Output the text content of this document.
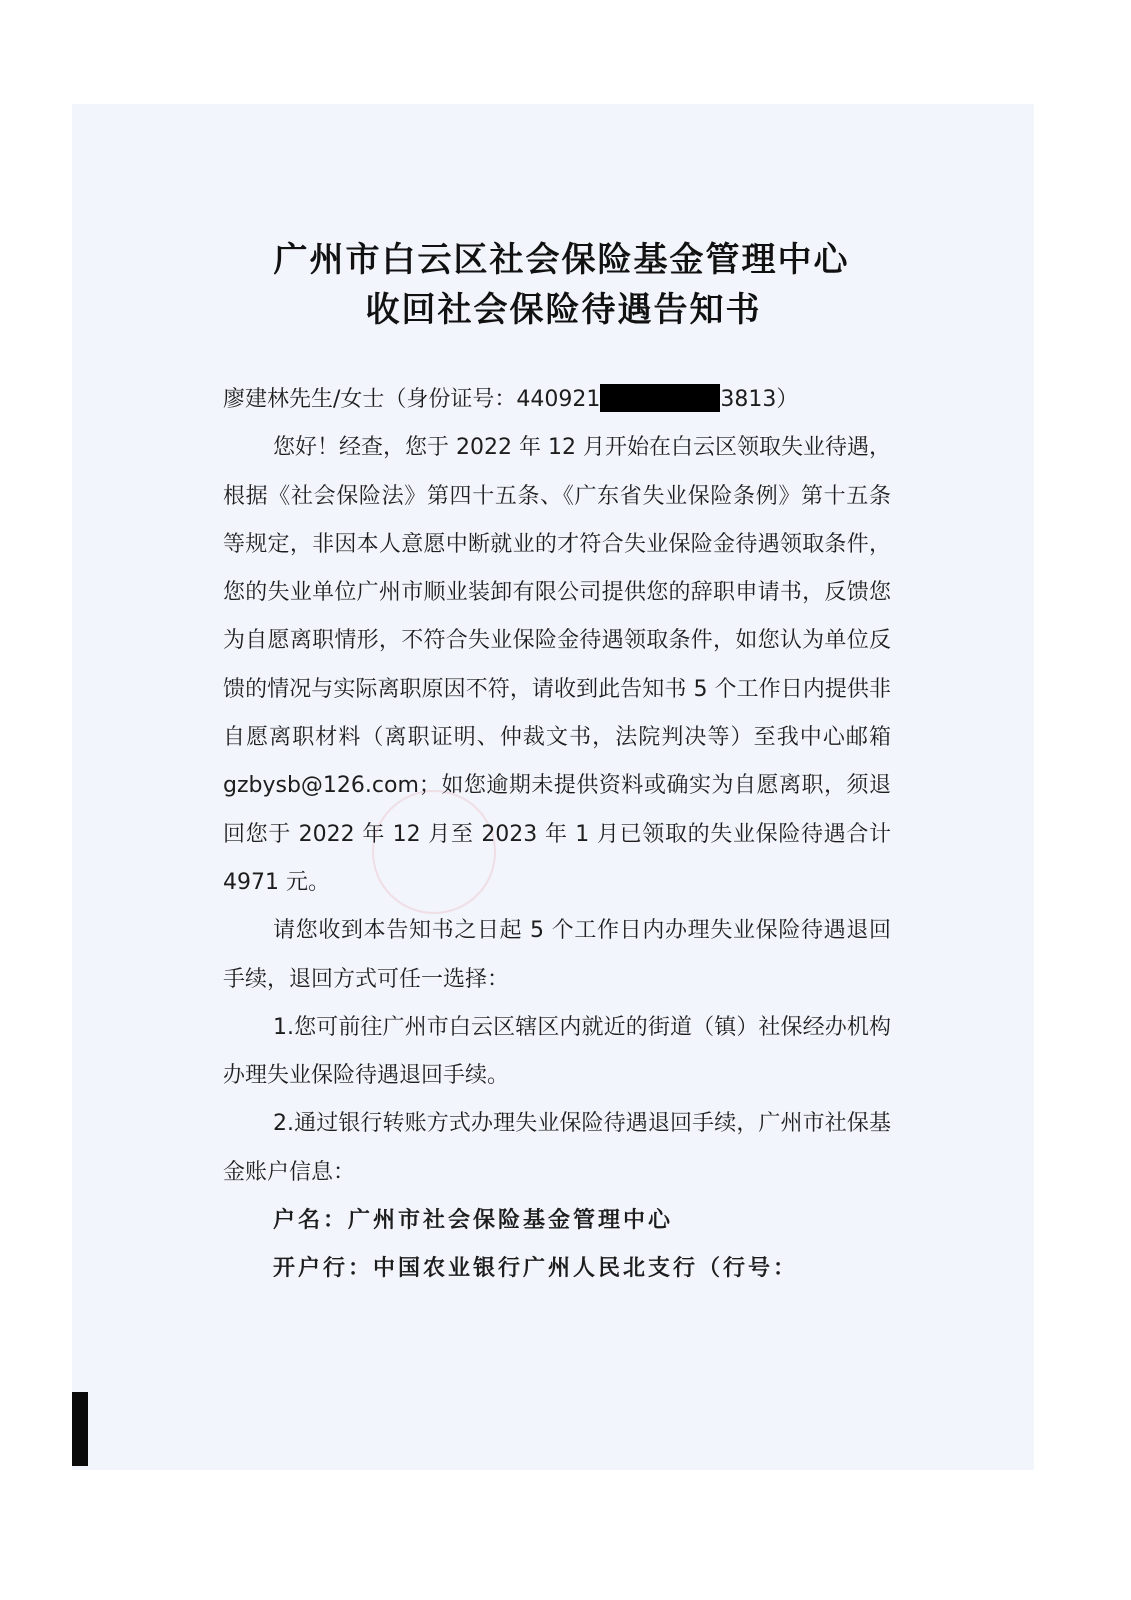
广州市白云区社会保险基金管理中心
收回社会保险待遇告知书

廖建林先生/女士（身份证号：440921	3813）

您好！经查，您于 2022 年 12 月开始在白云区领取失业待遇，根据《社会保险法》第四十五条、《广东省失业保险条例》第十五条等规定，非因本人意愿中断就业的才符合失业保险金待遇领取条件，您的失业单位广州市顺业装卸有限公司提供您的辞职申请书，反馈您为自愿离职情形，不符合失业保险金待遇领取条件，如您认为单位反馈的情况与实际离职原因不符，请收到此告知书 5 个工作日内提供非自愿离职材料（离职证明、仲裁文书，法院判决等）至我中心邮箱gzbysb@126.com；如您逾期未提供资料或确实为自愿离职，须退回您于 2022 年 12 月至 2023 年 1 月已领取的失业保险待遇合计 4971 元。

请您收到本告知书之日起 5 个工作日内办理失业保险待遇退回手续，退回方式可任一选择：

1.您可前往广州市白云区辖区内就近的街道（镇）社保经办机构办理失业保险待遇退回手续。

2.通过银行转账方式办理失业保险待遇退回手续，广州市社保基金账户信息：

户名：广州市社会保险基金管理中心

开户行：中国农业银行广州人民北支行（行号：
